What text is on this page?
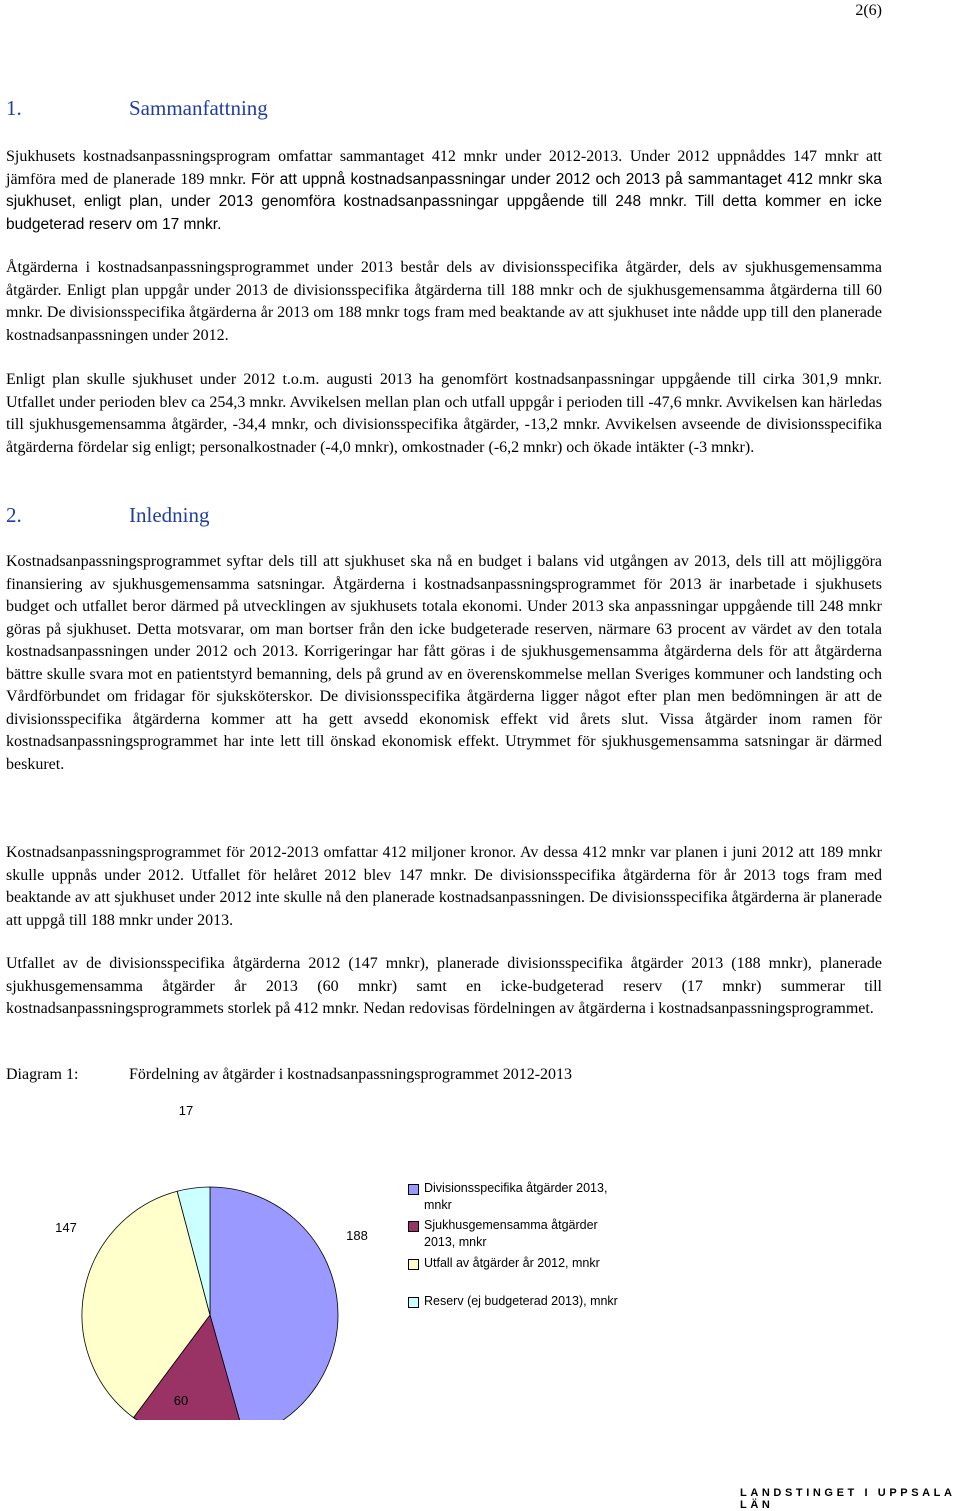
2(6)
1.	Sammanfattning

Sjukhusets kostnadsanpassningsprogram omfattar sammantaget 412 mnkr under 2012-2013. Under 2012 uppnåddes 147 mnkr att jämföra med de planerade 189 mnkr. För att uppnå kostnadsanpassningar under 2012 och 2013 på sammantaget 412 mnkr ska sjukhuset, enligt plan, under 2013 genomföra kostnadsanpassningar uppgående till 248 mnkr. Till detta kommer en icke budgeterad reserv om 17 mnkr.

Åtgärderna i kostnadsanpassningsprogrammet under 2013 består dels av divisionsspecifika åtgärder, dels av sjukhusgemensamma åtgärder. Enligt plan uppgår under 2013 de divisionsspecifika åtgärderna till 188 mnkr och de sjukhusgemensamma åtgärderna till 60 mnkr. De divisionsspecifika åtgärderna år 2013 om 188 mnkr togs fram med beaktande av att sjukhuset inte nådde upp till den planerade kostnadsanpassningen under 2012.

Enligt plan skulle sjukhuset under 2012 t.o.m. augusti 2013 ha genomfört kostnadsanpassningar uppgående till cirka 301,9 mnkr. Utfallet under perioden blev ca 254,3 mnkr. Avvikelsen mellan plan och utfall uppgår i perioden till -47,6 mnkr. Avvikelsen kan härledas till sjukhusgemensamma åtgärder, -34,4 mnkr, och divisionsspecifika åtgärder, -13,2 mnkr. Avvikelsen avseende de divisionsspecifika åtgärderna fördelar sig enligt; personalkostnader (-4,0 mnkr), omkostnader (-6,2 mnkr) och ökade intäkter (-3 mnkr).

2.	Inledning

Kostnadsanpassningsprogrammet syftar dels till att sjukhuset ska nå en budget i balans vid utgången av 2013, dels till att möjliggöra finansiering av sjukhusgemensamma satsningar. Åtgärderna i kostnadsanpassningsprogrammet för 2013 är inarbetade i sjukhusets budget och utfallet beror därmed på utvecklingen av sjukhusets totala ekonomi. Under 2013 ska anpassningar uppgående till 248 mnkr göras på sjukhuset. Detta motsvarar, om man bortser från den icke budgeterade reserven, närmare 63 procent av värdet av den totala kostnadsanpassningen under 2012 och 2013. Korrigeringar har fått göras i de sjukhusgemensamma åtgärderna dels för att åtgärderna bättre skulle svara mot en patientstyrd bemanning, dels på grund av en överenskommelse mellan Sveriges kommuner och landsting och Vårdförbundet om fridagar för sjuksköterskor. De divisionsspecifika åtgärderna ligger något efter plan men bedömningen är att de divisionsspecifika åtgärderna kommer att ha gett avsedd ekonomisk effekt vid årets slut. Vissa åtgärder inom ramen för kostnadsanpassningsprogrammet har inte lett till önskad ekonomisk effekt. Utrymmet för sjukhusgemensamma satsningar är därmed beskuret.

Kostnadsanpassningsprogrammet för 2012-2013 omfattar 412 miljoner kronor. Av dessa 412 mnkr var planen i juni 2012 att 189 mnkr skulle uppnås under 2012. Utfallet för helåret 2012 blev 147 mnkr. De divisionsspecifika åtgärderna för år 2013 togs fram med beaktande av att sjukhuset under 2012 inte skulle nå den planerade kostnadsanpassningen. De divisionsspecifika åtgärderna är planerade att uppgå till 188 mnkr under 2013.

Utfallet av de divisionsspecifika åtgärderna 2012 (147 mnkr), planerade divisionsspecifika åtgärder 2013 (188 mnkr), planerade sjukhusgemensamma åtgärder år 2013 (60 mnkr) samt en icke-budgeterad reserv (17 mnkr) summerar till kostnadsanpassningsprogrammets storlek på 412 mnkr. Nedan redovisas fördelningen av åtgärderna i kostnadsanpassningsprogrammet.

Diagram 1:	Fördelning av åtgärder i kostnadsanpassningsprogrammet 2012-2013
188
60
147
17
Divisionsspecifika åtgärder 2013, mnkr
Sjukhusgemensamma åtgärder 2013, mnkr
Utfall av åtgärder år 2012, mnkr
Reserv (ej budgeterad 2013), mnkr
LANDSTINGET I UPPSALA LÄN
